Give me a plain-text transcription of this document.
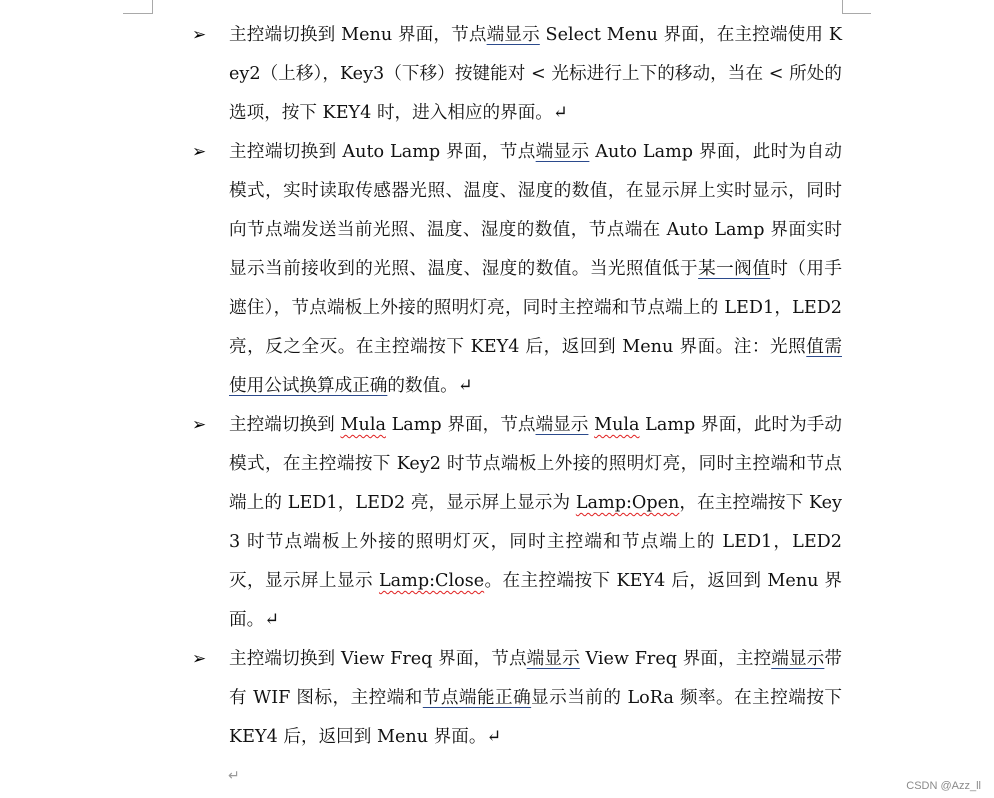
➢
➢
➢
➢
主控端切换到 Menu 界面，节点端显示 Select Menu 界面，在主控端使用 Key2（上移），Key3（下移）按键能对 < 光标进行上下的移动，当在 < 所处的选项，按下 KEY4 时，进入相应的界面。↵
主控端切换到 Auto Lamp 界面，节点端显示 Auto Lamp 界面，此时为自动模式，实时读取传感器光照、温度、湿度的数值，在显示屏上实时显示，同时向节点端发送当前光照、温度、湿度的数值，节点端在 Auto Lamp 界面实时显示当前接收到的光照、温度、湿度的数值。当光照值低于某一阀值时（用手遮住），节点端板上外接的照明灯亮，同时主控端和节点端上的 LED1，LED2 亮，反之全灭。在主控端按下 KEY4 后，返回到 Menu 界面。注：光照值需使用公试换算成正确的数值。↵
主控端切换到 Mula Lamp 界面，节点端显示 Mula Lamp 界面，此时为手动模式，在主控端按下 Key2 时节点端板上外接的照明灯亮，同时主控端和节点端上的 LED1，LED2 亮，显示屏上显示为 Lamp:Open，在主控端按下 Key3 时节点端板上外接的照明灯灭，同时主控端和节点端上的 LED1，LED2 灭，显示屏上显示 Lamp:Close。在主控端按下 KEY4 后，返回到 Menu 界面。↵
主控端切换到 View Freq 界面，节点端显示 View Freq 界面，主控端显示带有 WIF 图标，主控端和节点端能正确显示当前的 LoRa 频率。在主控端按下 KEY4 后，返回到 Menu 界面。↵
↵
CSDN @Azz_ll
